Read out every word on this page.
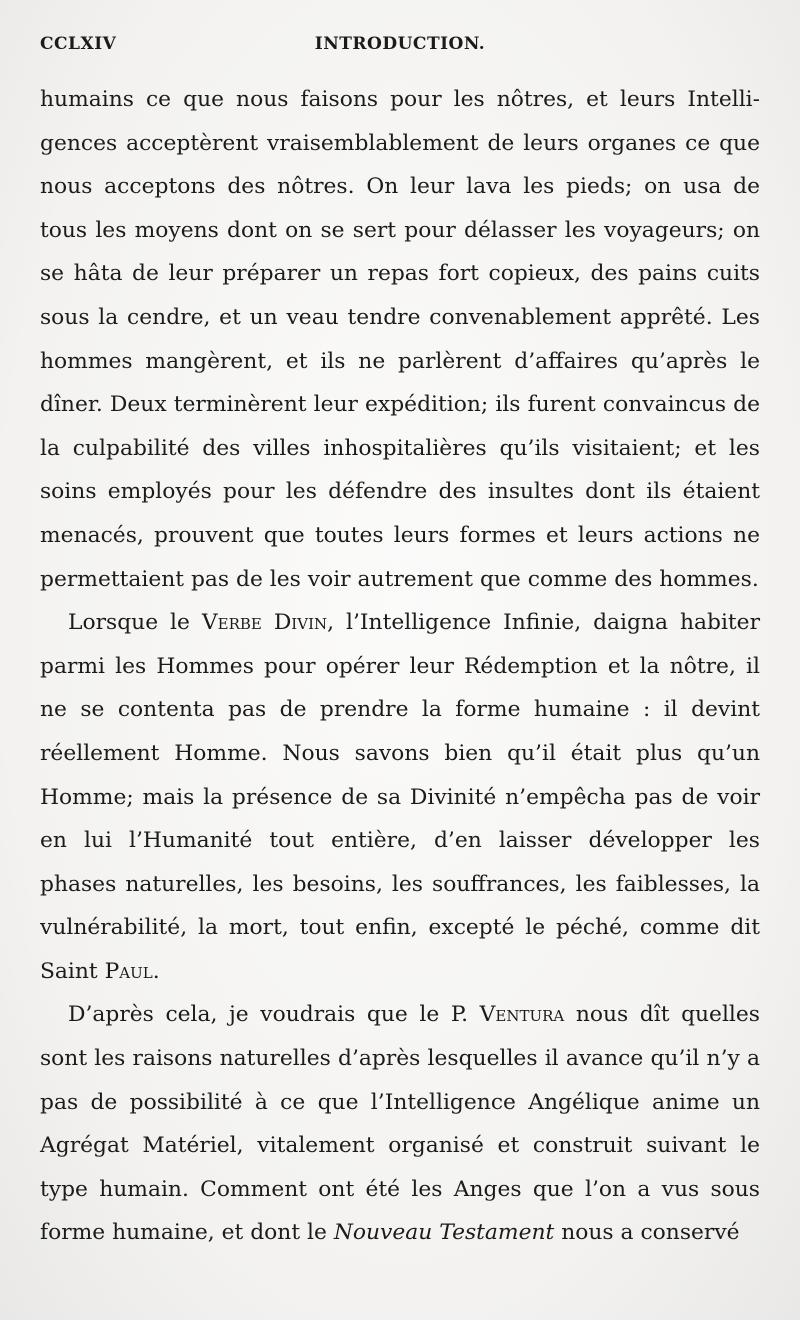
CCLXIV	INTRODUCTION.

humains ce que nous faisons pour les nôtres, et leurs Intelli- gences acceptèrent vraisemblablement de leurs organes ce que nous acceptons des nôtres. On leur lava les pieds; on usa de tous les moyens dont on se sert pour délasser les voyageurs; on se hâta de leur préparer un repas fort copieux, des pains cuits sous la cendre, et un veau tendre convenablement apprêté. Les hommes mangèrent, et ils ne parlèrent d’affaires qu’après le dîner. Deux terminèrent leur expédition; ils furent convaincus de la culpabilité des villes inhospitalières qu’ils visitaient; et les soins employés pour les défendre des insultes dont ils étaient menacés, prouvent que toutes leurs formes et leurs actions ne permettaient pas de les voir autrement que comme des hommes.

Lorsque le Verbe Divin, l’Intelligence Infinie, daigna habiter parmi les Hommes pour opérer leur Rédemption et la nôtre, il ne se contenta pas de prendre la forme humaine : il devint réellement Homme. Nous savons bien qu’il était plus qu’un Homme; mais la présence de sa Divinité n’empêcha pas de voir en lui l’Humanité tout entière, d’en laisser développer les phases naturelles, les besoins, les souffrances, les faiblesses, la vulnérabilité, la mort, tout enfin, excepté le péché, comme dit Saint Paul.

D’après cela, je voudrais que le P. Ventura nous dît quelles sont les raisons naturelles d’après lesquelles il avance qu’il n’y a pas de possibilité à ce que l’Intelligence Angélique anime un Agrégat Matériel, vitalement organisé et construit suivant le type humain. Comment ont été les Anges que l’on a vus sous forme humaine, et dont le Nouveau Testament nous a conservé
